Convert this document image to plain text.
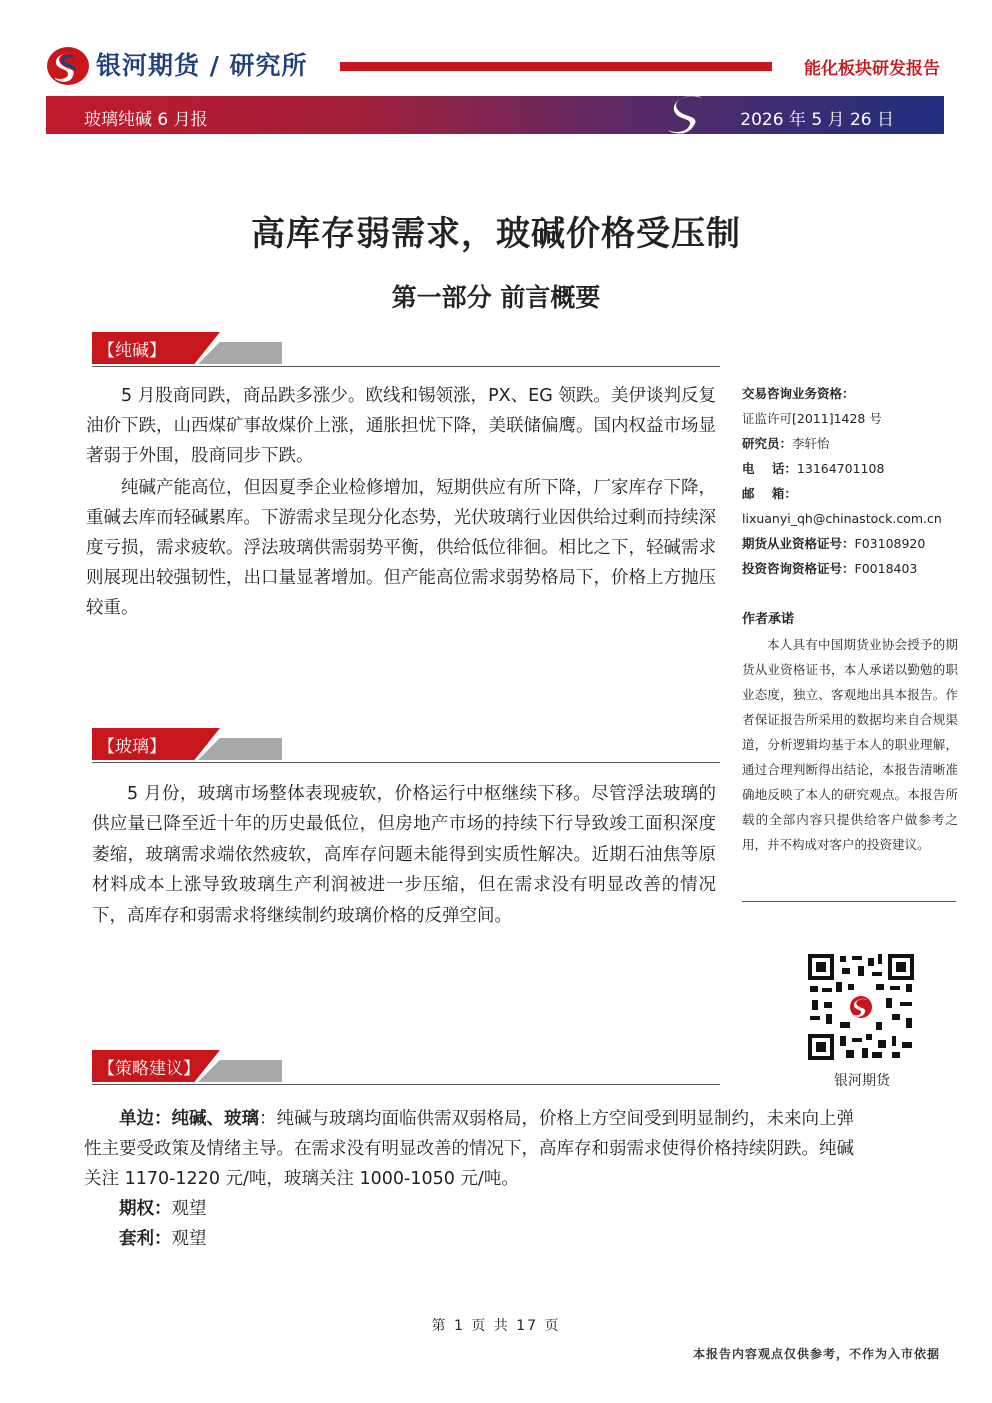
银河期货 / 研究所	能化板块研发报告
玻璃纯碱 6 月报	2026 年 5 月 26 日
高库存弱需求，玻碱价格受压制
第一部分 前言概要
【纯碱】

5 月股商同跌，商品跌多涨少。欧线和锡领涨，PX、EG 领跌。美伊谈判反复油价下跌，山西煤矿事故煤价上涨，通胀担忧下降，美联储偏鹰。国内权益市场显著弱于外围，股商同步下跌。

纯碱产能高位，但因夏季企业检修增加，短期供应有所下降，厂家库存下降，重碱去库而轻碱累库。下游需求呈现分化态势，光伏玻璃行业因供给过剩而持续深度亏损，需求疲软。浮法玻璃供需弱势平衡，供给低位徘徊。相比之下，轻碱需求则展现出较强韧性，出口量显著增加。但产能高位需求弱势格局下，价格上方抛压较重。

【玻璃】

5 月份，玻璃市场整体表现疲软，价格运行中枢继续下移。尽管浮法玻璃的供应量已降至近十年的历史最低位，但房地产市场的持续下行导致竣工面积深度萎缩，玻璃需求端依然疲软，高库存问题未能得到实质性解决。近期石油焦等原材料成本上涨导致玻璃生产利润被进一步压缩，但在需求没有明显改善的情况下，高库存和弱需求将继续制约玻璃价格的反弹空间。

【策略建议】

单边：纯碱、玻璃：纯碱与玻璃均面临供需双弱格局，价格上方空间受到明显制约，未来向上弹性主要受政策及情绪主导。在需求没有明显改善的情况下，高库存和弱需求使得价格持续阴跌。纯碱关注 1170-1220 元/吨，玻璃关注 1000-1050 元/吨。

期权：观望

套利：观望

交易咨询业务资格：
证监许可[2011]1428 号
研究员：李轩怡
电    话：13164701108
邮    箱：
lixuanyi_qh@chinastock.com.cn
期货从业资格证号：F03108920
投资咨询资格证号：F0018403
作者承诺

本人具有中国期货业协会授予的期货从业资格证书，本人承诺以勤勉的职业态度，独立、客观地出具本报告。作者保证报告所采用的数据均来自合规渠道，分析逻辑均基于本人的职业理解，通过合理判断得出结论，本报告清晰准确地反映了本人的研究观点。本报告所载的全部内容只提供给客户做参考之用，并不构成对客户的投资建议。

银河期货
第 1 页 共 17 页
本报告内容观点仅供参考，不作为入市依据
